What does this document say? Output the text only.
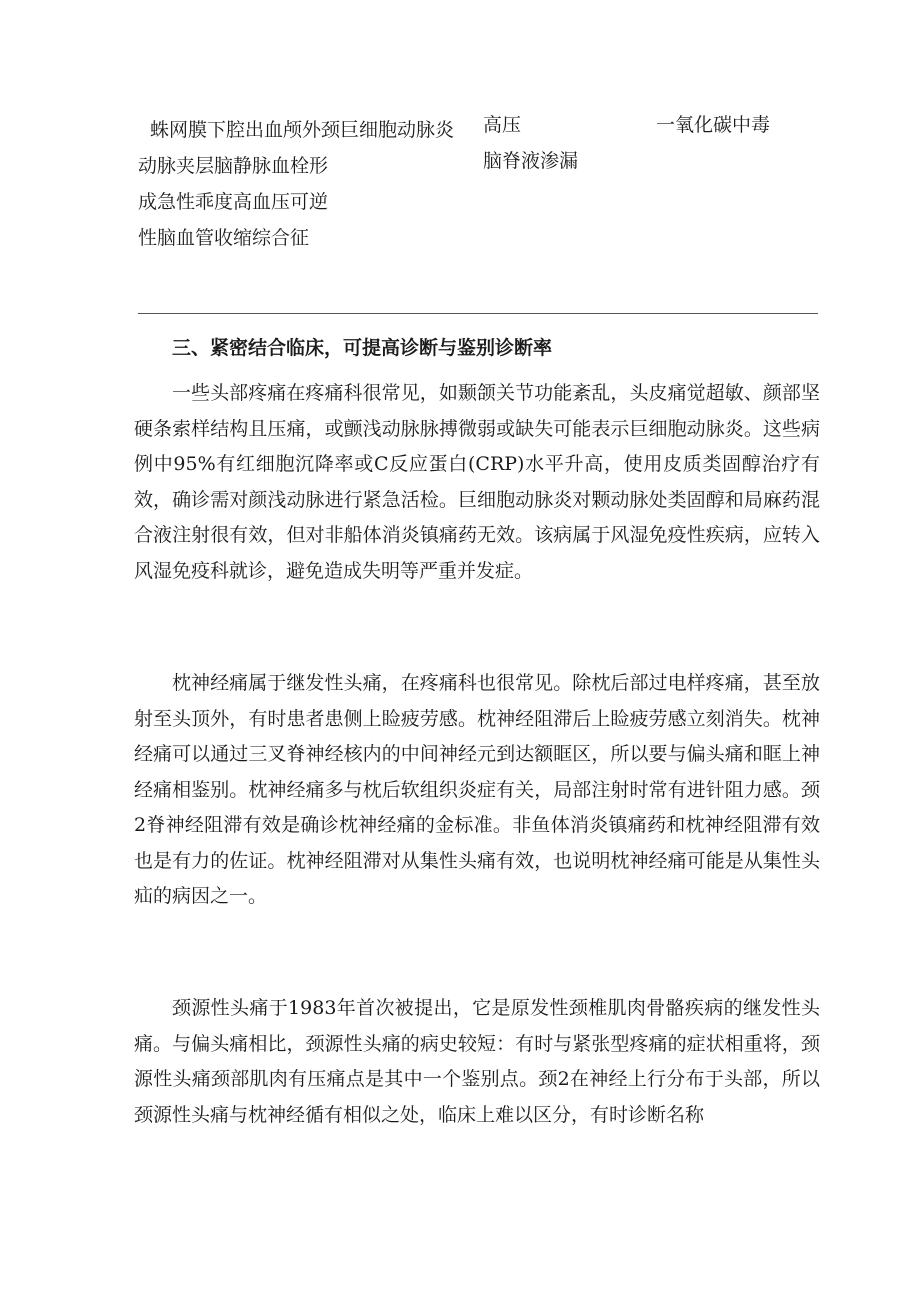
蛛网膜下腔出血颅外颈巨细胞动脉炎
动脉夹层脑静脉血栓形
成急性乖度高血压可逆
性脑血管收缩综合征
高压
脑脊液渗漏
一氧化碳中毒
三、紧密结合临床，可提高诊断与鉴别诊断率

一些头部疼痛在疼痛科很常见，如颞颌关节功能紊乱，头皮痛觉超敏、颜部坚硬条索样结构且压痛，或颤浅动脉脉搏微弱或缺失可能表示巨细胞动脉炎。这些病例中95%有红细胞沉降率或C反应蛋白(CRP)水平升高，使用皮质类固醇治疗有效，确诊需对颜浅动脉进行紧急活检。巨细胞动脉炎对颗动脉处类固醇和局麻药混合液注射很有效，但对非船体消炎镇痛药无效。该病属于风湿免疫性疾病，应转入风湿免疫科就诊，避免造成失明等严重并发症。

枕神经痛属于继发性头痛，在疼痛科也很常见。除枕后部过电样疼痛，甚至放射至头顶外，有时患者患侧上睑疲劳感。枕神经阻滞后上睑疲劳感立刻消失。枕神经痛可以通过三叉脊神经核内的中间神经元到达额眶区，所以要与偏头痛和眶上神经痛相鉴别。枕神经痛多与枕后软组织炎症有关，局部注射时常有进针阻力感。颈2脊神经阻滞有效是确诊枕神经痛的金标准。非鱼体消炎镇痛药和枕神经阻滞有效也是有力的佐证。枕神经阻滞对从集性头痛有效，也说明枕神经痛可能是从集性头疝的病因之一。

颈源性头痛于1983年首次被提出，它是原发性颈椎肌肉骨骼疾病的继发性头痛。与偏头痛相比，颈源性头痛的病史较短：有时与紧张型疼痛的症状相重将，颈源性头痛颈部肌肉有压痛点是其中一个鉴别点。颈2在神经上行分布于头部，所以颈源性头痛与枕神经循有相似之处，临床上难以区分，有时诊断名称
